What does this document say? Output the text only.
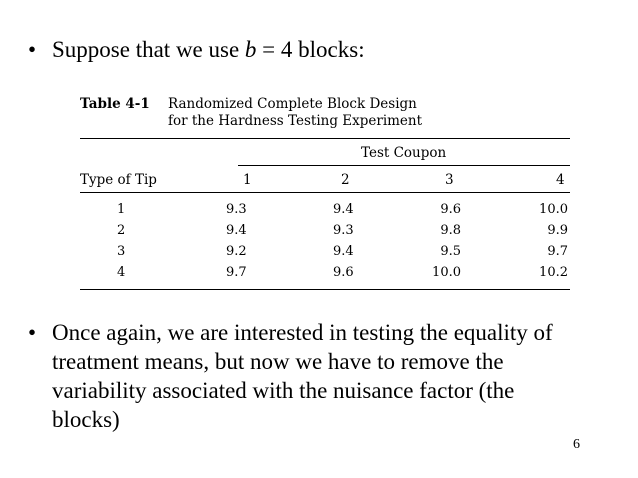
• Suppose that we use b = 4 blocks:
Table 4-1 Randomized Complete Block Design
for the Hardness Testing Experiment
Test Coupon
Type of Tip	1	2	3	4
1	9.3	9.4	9.6	10.0
2	9.4	9.3	9.8	9.9
3	9.2	9.4	9.5	9.7
4	9.7	9.6	10.0	10.2
• Once again, we are interested in testing the equality of treatment means, but now we have to remove the variability associated with the nuisance factor (the blocks)
6
